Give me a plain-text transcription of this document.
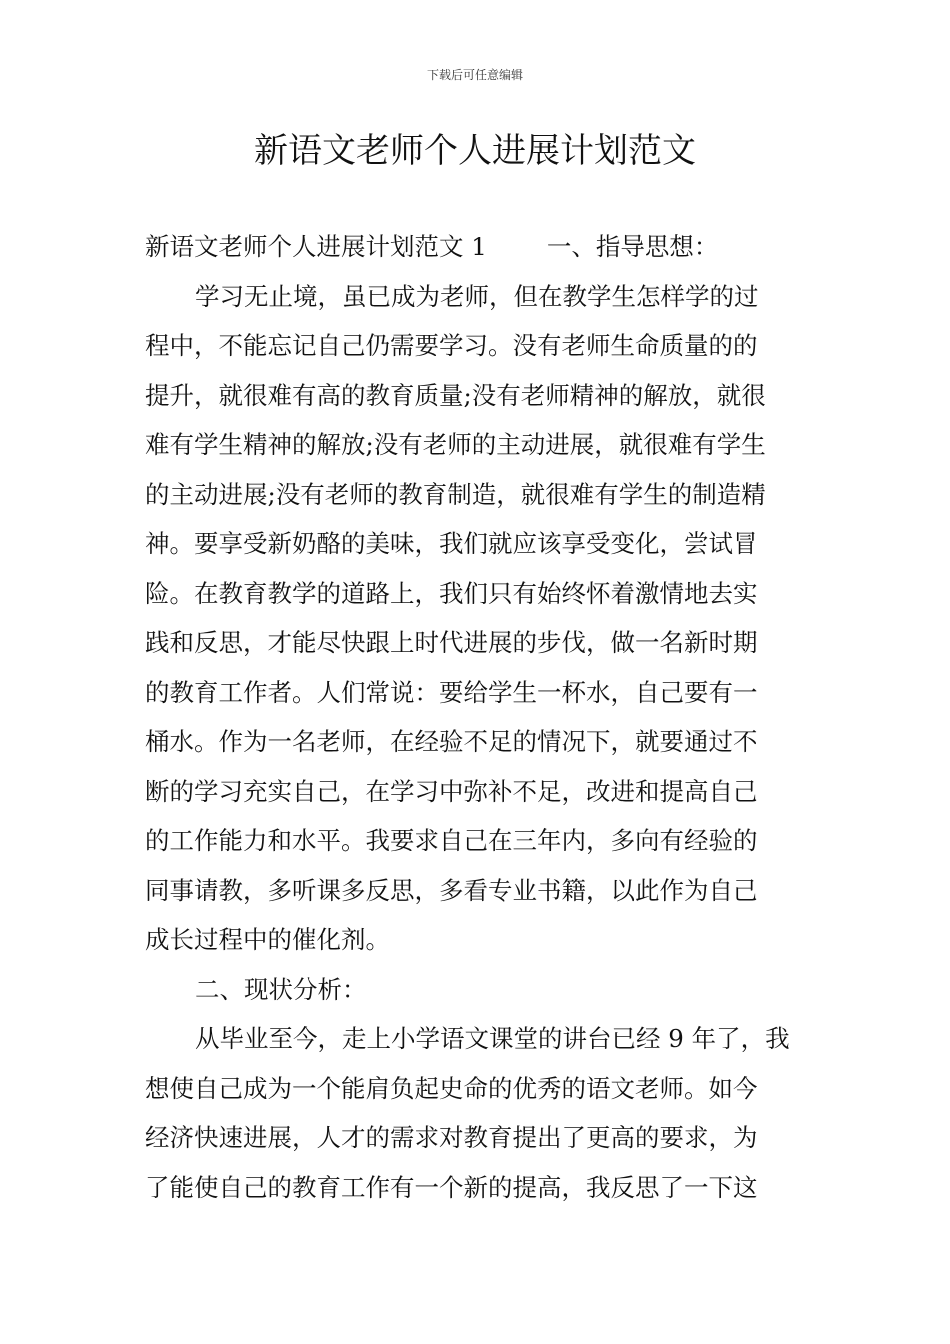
下载后可任意编辑
新语文老师个人进展计划范文
新语文老师个人进展计划范文 1 一、指导思想：
学习无止境，虽已成为老师，但在教学生怎样学的过
程中，不能忘记自己仍需要学习。没有老师生命质量的的
提升，就很难有高的教育质量;没有老师精神的解放，就很
难有学生精神的解放;没有老师的主动进展，就很难有学生
的主动进展;没有老师的教育制造，就很难有学生的制造精
神。要享受新奶酪的美味，我们就应该享受变化，尝试冒
险。在教育教学的道路上，我们只有始终怀着激情地去实
践和反思，才能尽快跟上时代进展的步伐，做一名新时期
的教育工作者。人们常说：要给学生一杯水，自己要有一
桶水。作为一名老师，在经验不足的情况下，就要通过不
断的学习充实自己，在学习中弥补不足，改进和提高自己
的工作能力和水平。我要求自己在三年内，多向有经验的
同事请教，多听课多反思，多看专业书籍，以此作为自己
成长过程中的催化剂。
二、现状分析：
从毕业至今，走上小学语文课堂的讲台已经 9 年了，我
想使自己成为一个能肩负起史命的优秀的语文老师。如今
经济快速进展，人才的需求对教育提出了更高的要求，为
了能使自己的教育工作有一个新的提高，我反思了一下这
